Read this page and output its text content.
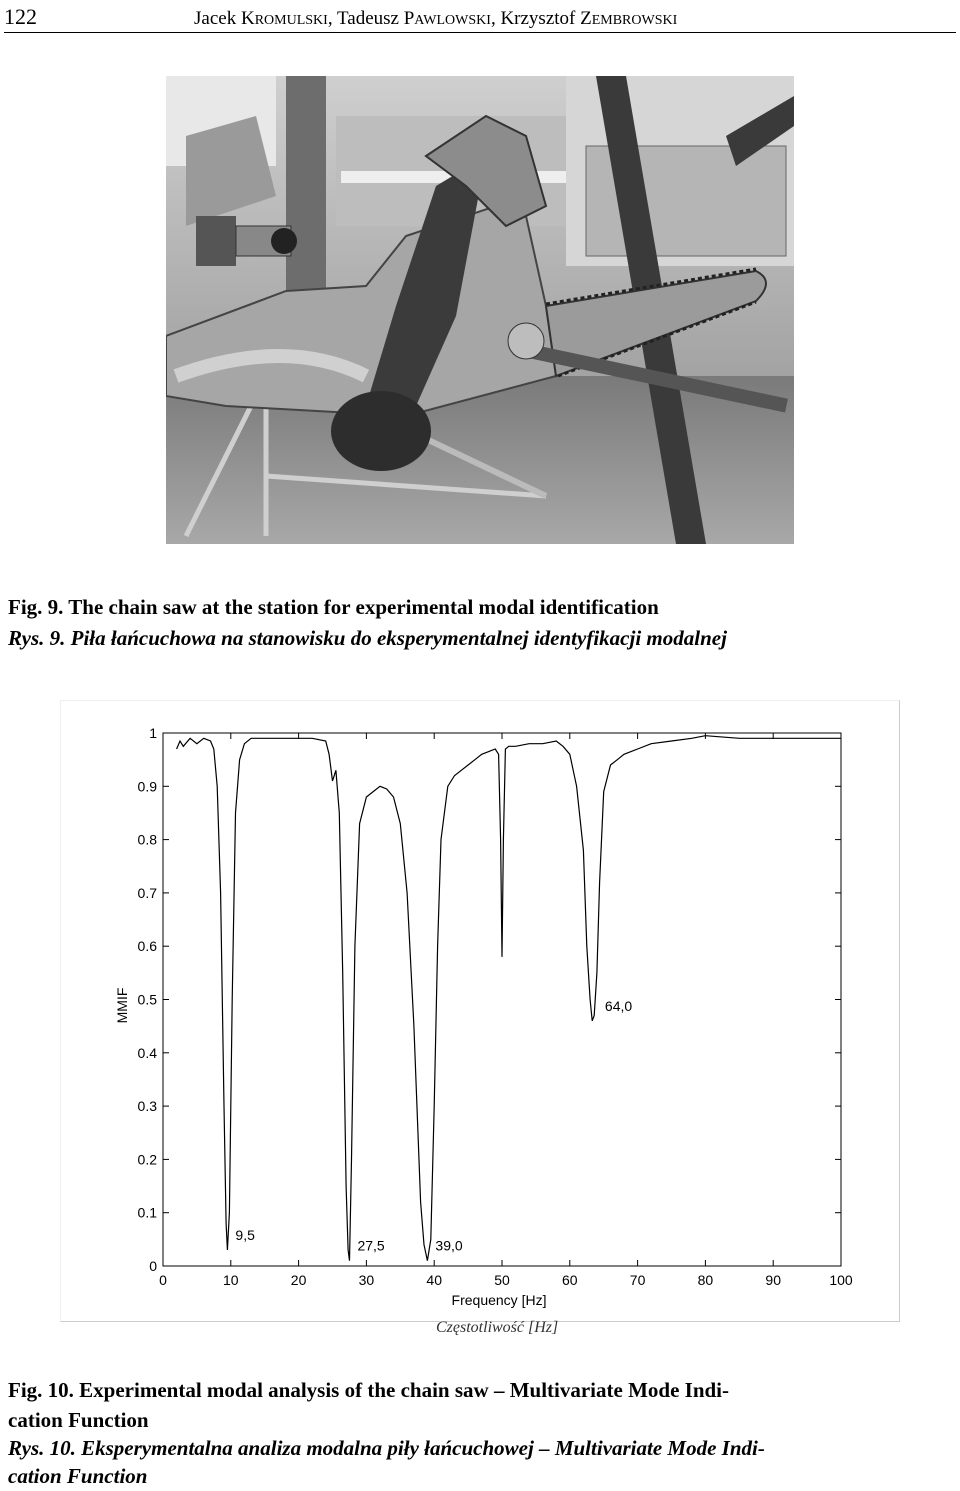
122	Jacek KROMULSKI, Tadeusz PAWLOWSKI, Krzysztof ZEMBROWSKI
Fig. 9. The chain saw at the station for experimental modal identification
Rys. 9. Piła łańcuchowa na stanowisku do eksperymentalnej identyfikacji modalnej
0	10	20	30	40	50	60	70	80	90	100
0
0.1
0.2
0.3
0.4
0.5
0.6
0.7
0.8
0.9
1
Frequency [Hz]
MMIF
9,5
27,5	39,0
64,0
Częstotliwość [Hz]
Fig. 10. Experimental modal analysis of the chain saw – Multivariate Mode Indi-
cation Function
Rys. 10. Eksperymentalna analiza modalna piły łańcuchowej – Multivariate Mode Indi-
cation Function
